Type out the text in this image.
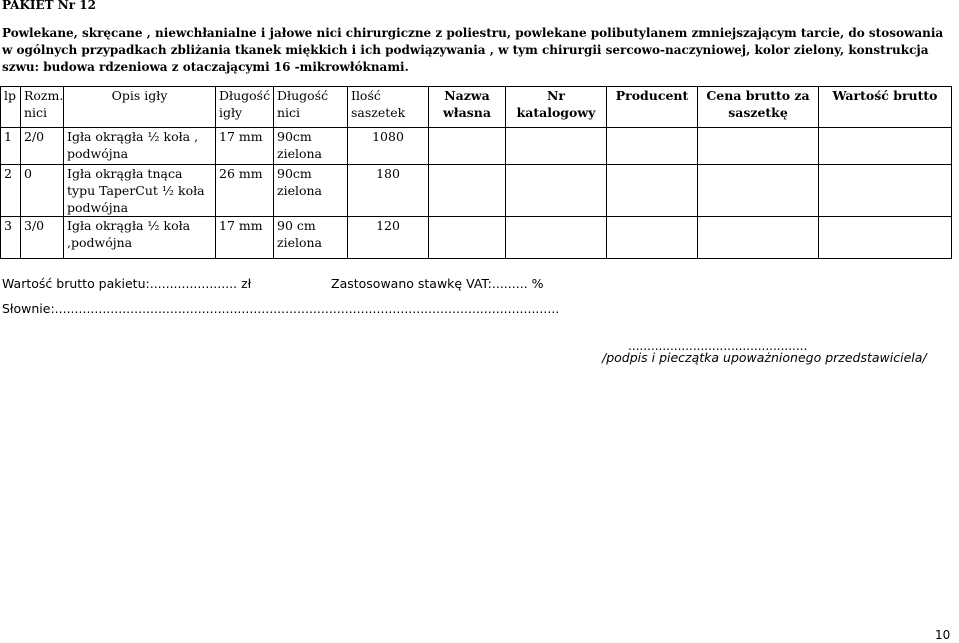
PAKIET Nr 12
Powlekane, skręcane , niewchłanialne i jałowe nici chirurgiczne z poliestru, powlekane polibutylanem zmniejszającym tarcie, do stosowania w ogólnych przypadkach zbliżania tkanek miękkich i ich podwiązywania , w tym chirurgii sercowo-naczyniowej, kolor zielony, konstrukcja szwu: budowa rdzeniowa z otaczającymi 16 -mikrowłóknami.
lp	Rozm. nici	Opis igły	Długość igły	Długość nici	Ilość saszetek	Nazwa własna	Nr katalogowy	Producent	Cena brutto za saszetkę	Wartość brutto
1	2/0	Igła okrągła ½ koła , podwójna	17 mm	90cm zielona	1080					
2	0	Igła okrągła tnąca typu TaperCut ½ koła podwójna	26 mm	90cm zielona	180					
3	3/0	Igła okrągła ½ koła ,podwójna	17 mm	90 cm zielona	120					
Wartość brutto pakietu:...................... zł	Zastosowano stawkę VAT:......... %
Słownie:...............................................................................................................................
...............................................
/podpis i pieczątka upoważnionego przedstawiciela/
10
